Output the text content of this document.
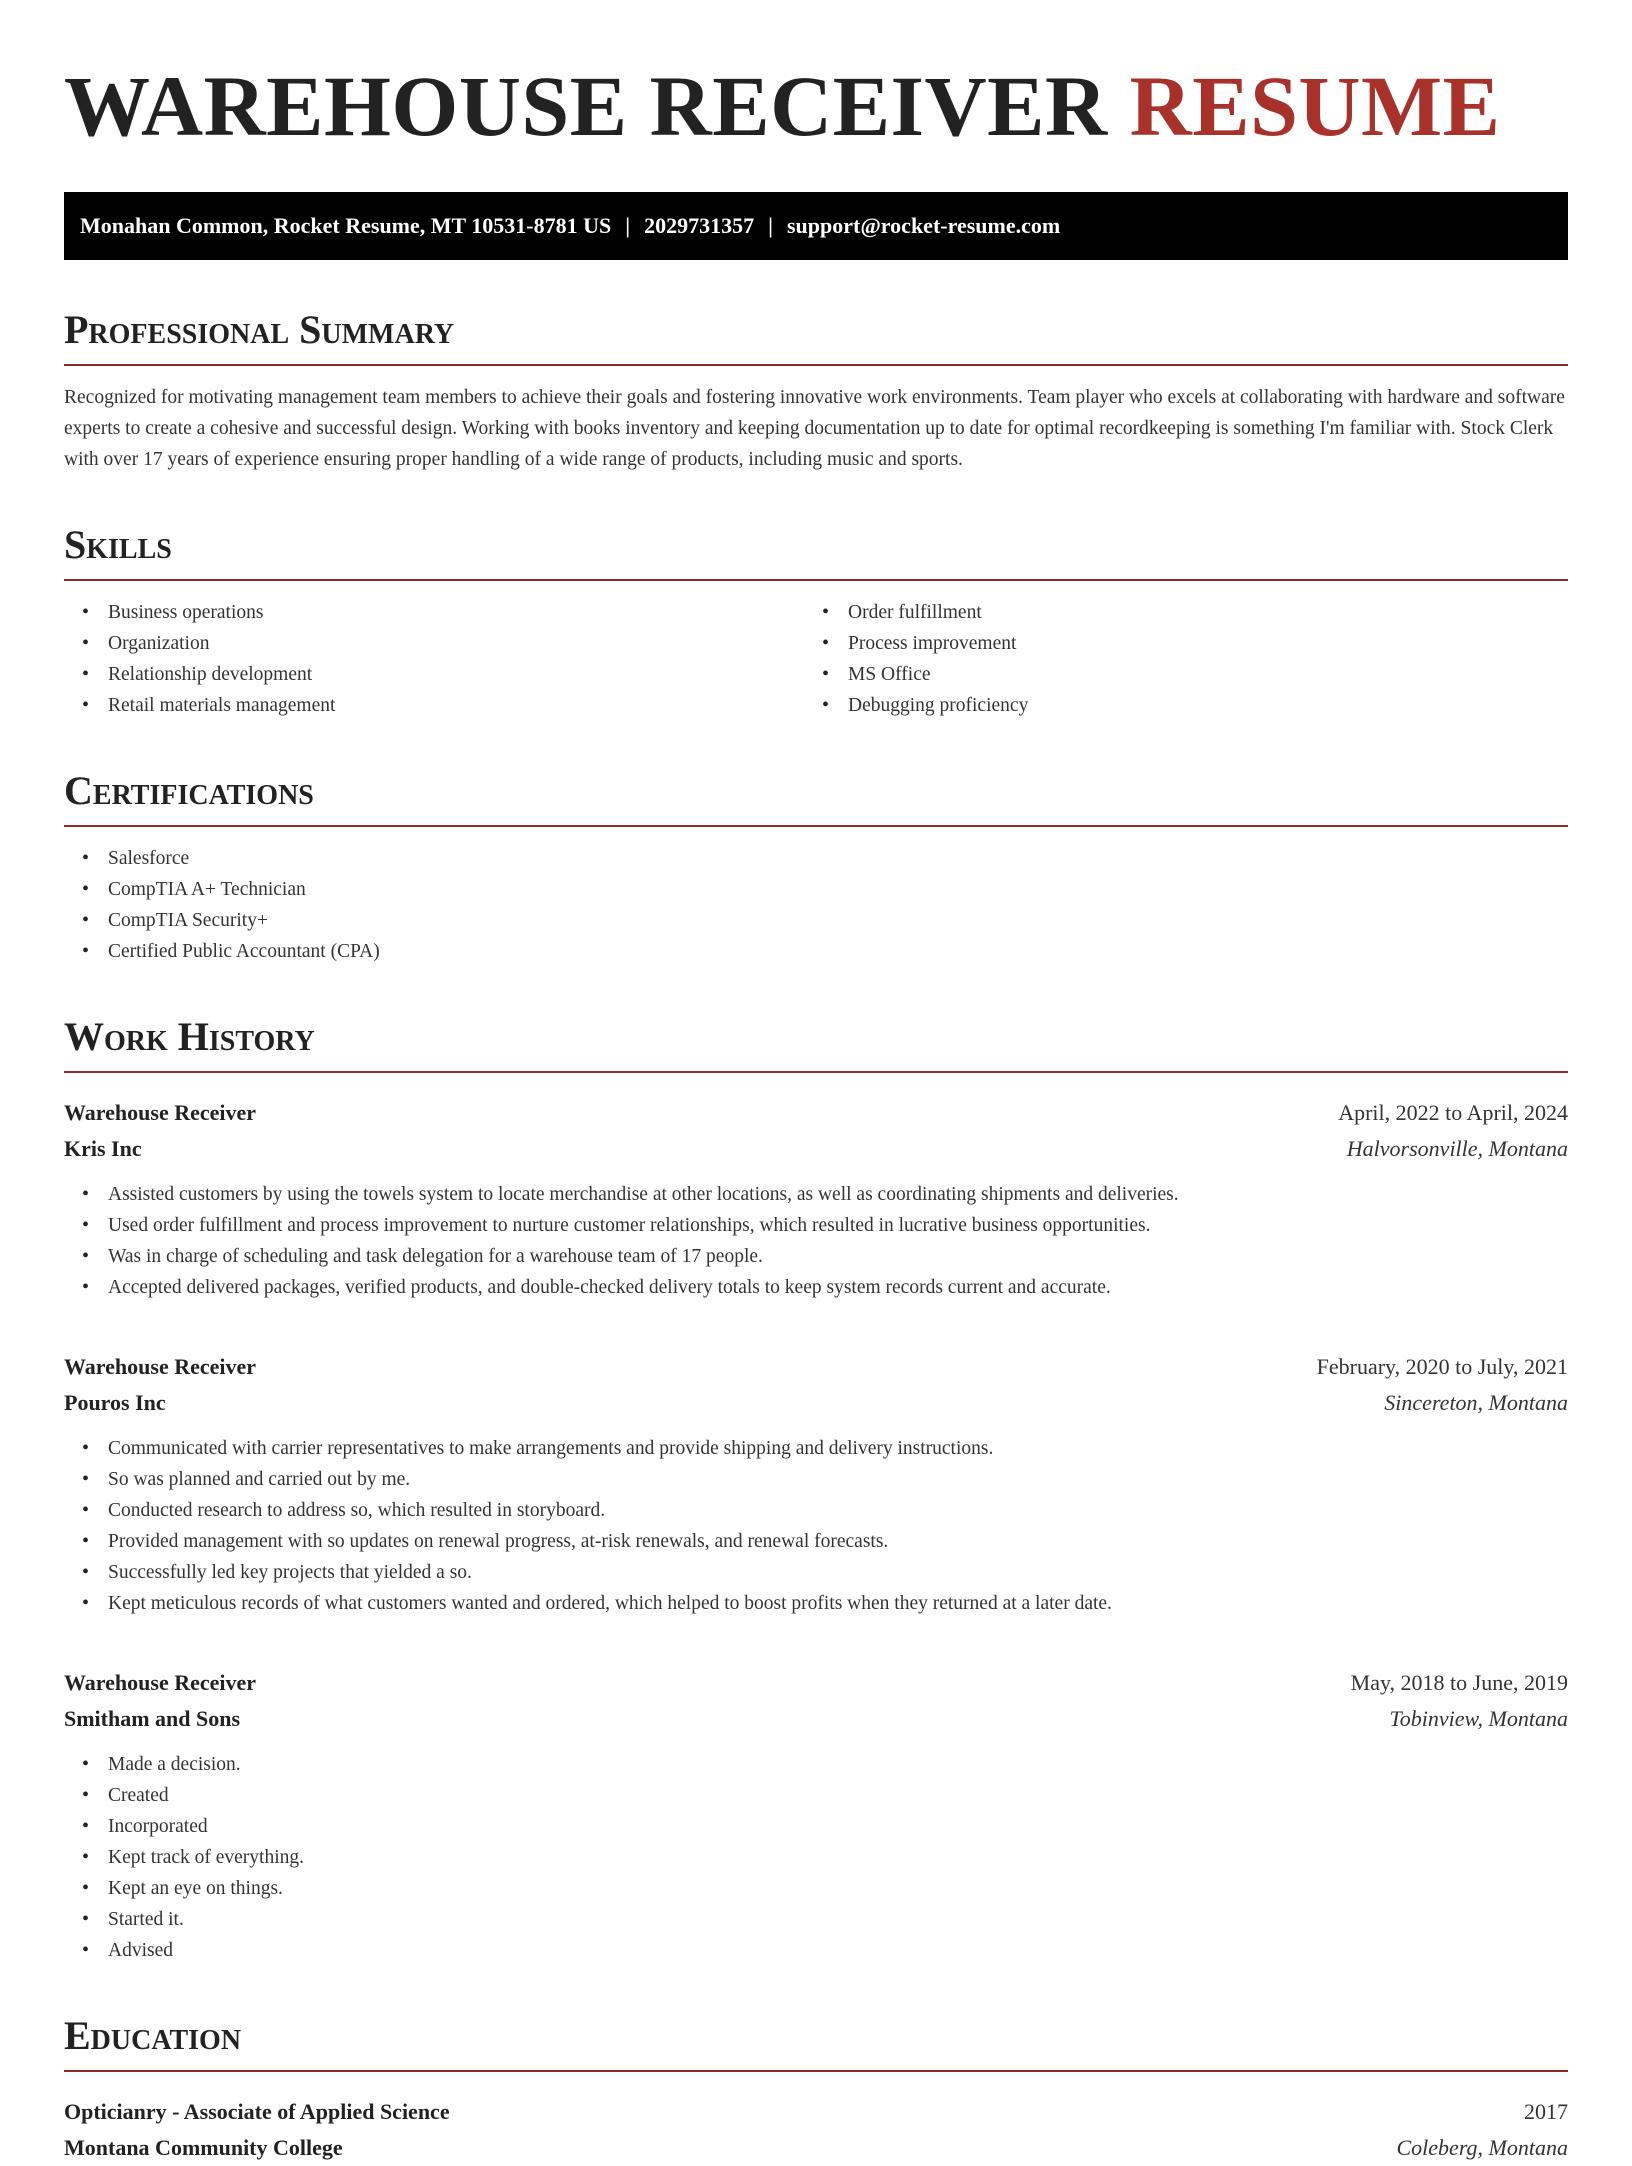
WAREHOUSE RECEIVER RESUME
Monahan Common, Rocket Resume, MT 10531-8781 US | 2029731357 | support@rocket-resume.com
Professional Summary

Recognized for motivating management team members to achieve their goals and fostering innovative work environments. Team player who excels at collaborating with hardware and software experts to create a cohesive and successful design. Working with books inventory and keeping documentation up to date for optimal recordkeeping is something I'm familiar with. Stock Clerk with over 17 years of experience ensuring proper handling of a wide range of products, including music and sports.

Skills
• Business operations
• Organization
• Relationship development
• Retail materials management
• Order fulfillment
• Process improvement
• MS Office
• Debugging proficiency
Certifications
• Salesforce
• CompTIA A+ Technician
• CompTIA Security+
• Certified Public Accountant (CPA)
Work History
Warehouse Receiver	April, 2022 to April, 2024
Kris Inc	Halvorsonville, Montana
• Assisted customers by using the towels system to locate merchandise at other locations, as well as coordinating shipments and deliveries.
• Used order fulfillment and process improvement to nurture customer relationships, which resulted in lucrative business opportunities.
• Was in charge of scheduling and task delegation for a warehouse team of 17 people.
• Accepted delivered packages, verified products, and double-checked delivery totals to keep system records current and accurate.
Warehouse Receiver	February, 2020 to July, 2021
Pouros Inc	Sincereton, Montana
• Communicated with carrier representatives to make arrangements and provide shipping and delivery instructions.
• So was planned and carried out by me.
• Conducted research to address so, which resulted in storyboard.
• Provided management with so updates on renewal progress, at-risk renewals, and renewal forecasts.
• Successfully led key projects that yielded a so.
• Kept meticulous records of what customers wanted and ordered, which helped to boost profits when they returned at a later date.
Warehouse Receiver	May, 2018 to June, 2019
Smitham and Sons	Tobinview, Montana
• Made a decision.
• Created
• Incorporated
• Kept track of everything.
• Kept an eye on things.
• Started it.
• Advised
Education
Opticianry - Associate of Applied Science	2017
Montana Community College	Coleberg, Montana
